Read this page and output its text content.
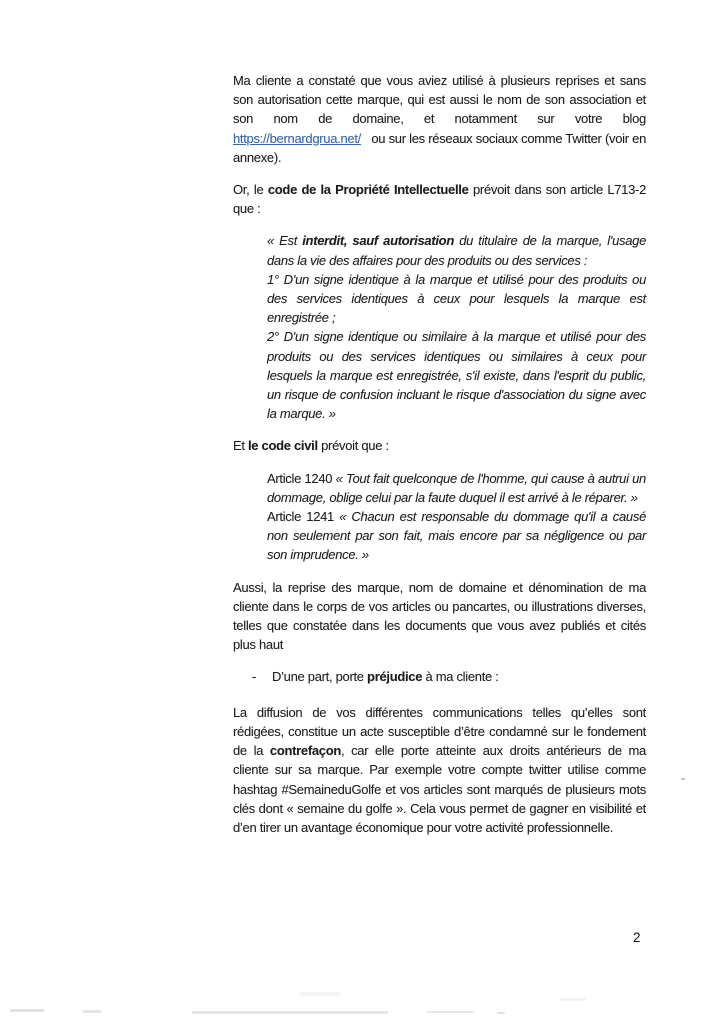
Ma cliente a constaté que vous aviez utilisé à plusieurs reprises et sans son autorisation cette marque, qui est aussi le nom de son association et son nom de domaine, et notamment sur votre blog https://bernardgrua.net/ ou sur les réseaux sociaux comme Twitter (voir en annexe).

Or, le code de la Propriété Intellectuelle prévoit dans son article L713-2 que :

« Est interdit, sauf autorisation du titulaire de la marque, l'usage dans la vie des affaires pour des produits ou des services :

1° D'un signe identique à la marque et utilisé pour des produits ou des services identiques à ceux pour lesquels la marque est enregistrée ;

2° D'un signe identique ou similaire à la marque et utilisé pour des produits ou des services identiques ou similaires à ceux pour lesquels la marque est enregistrée, s'il existe, dans l'esprit du public, un risque de confusion incluant le risque d'association du signe avec la marque. »

Et le code civil prévoit que :

Article 1240 « Tout fait quelconque de l'homme, qui cause à autrui un dommage, oblige celui par la faute duquel il est arrivé à le réparer. »

Article 1241 « Chacun est responsable du dommage qu'il a causé non seulement par son fait, mais encore par sa négligence ou par son imprudence. »

Aussi, la reprise des marque, nom de domaine et dénomination de ma cliente dans le corps de vos articles ou pancartes, ou illustrations diverses, telles que constatée dans les documents que vous avez publiés et cités plus haut

- D’une part, porte préjudice à ma cliente :

La diffusion de vos différentes communications telles qu’elles sont rédigées, constitue un acte susceptible d’être condamné sur le fondement de la contrefaçon, car elle porte atteinte aux droits antérieurs de ma cliente sur sa marque. Par exemple votre compte twitter utilise comme hashtag #SemaineduGolfe et vos articles sont marqués de plusieurs mots clés dont « semaine du golfe ». Cela vous permet de gagner en visibilité et d’en tirer un avantage économique pour votre activité professionnelle.

2
